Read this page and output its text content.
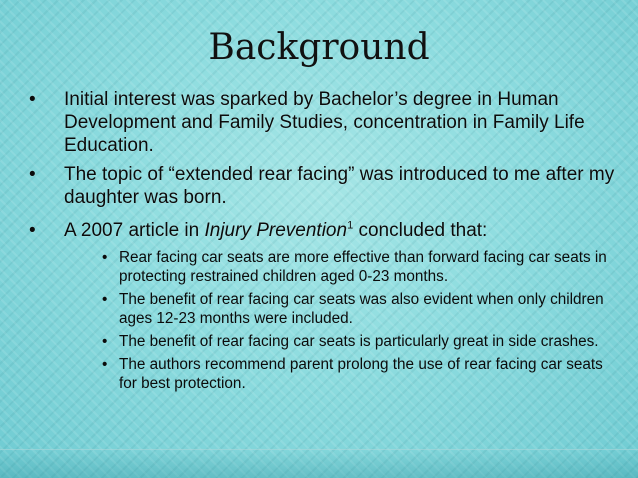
Background
• Initial interest was sparked by Bachelor’s degree in Human Development and Family Studies, concentration in Family Life Education.
• The topic of “extended rear facing” was introduced to me after my daughter was born.
• A 2007 article in Injury Prevention$^1$ concluded that:
• Rear facing car seats are more effective than forward facing car seats in protecting restrained children aged 0-23 months.
• The benefit of rear facing car seats was also evident when only children ages 12-23 months were included.
• The benefit of rear facing car seats is particularly great in side crashes.
• The authors recommend parent prolong the use of rear facing car seats for best protection.
